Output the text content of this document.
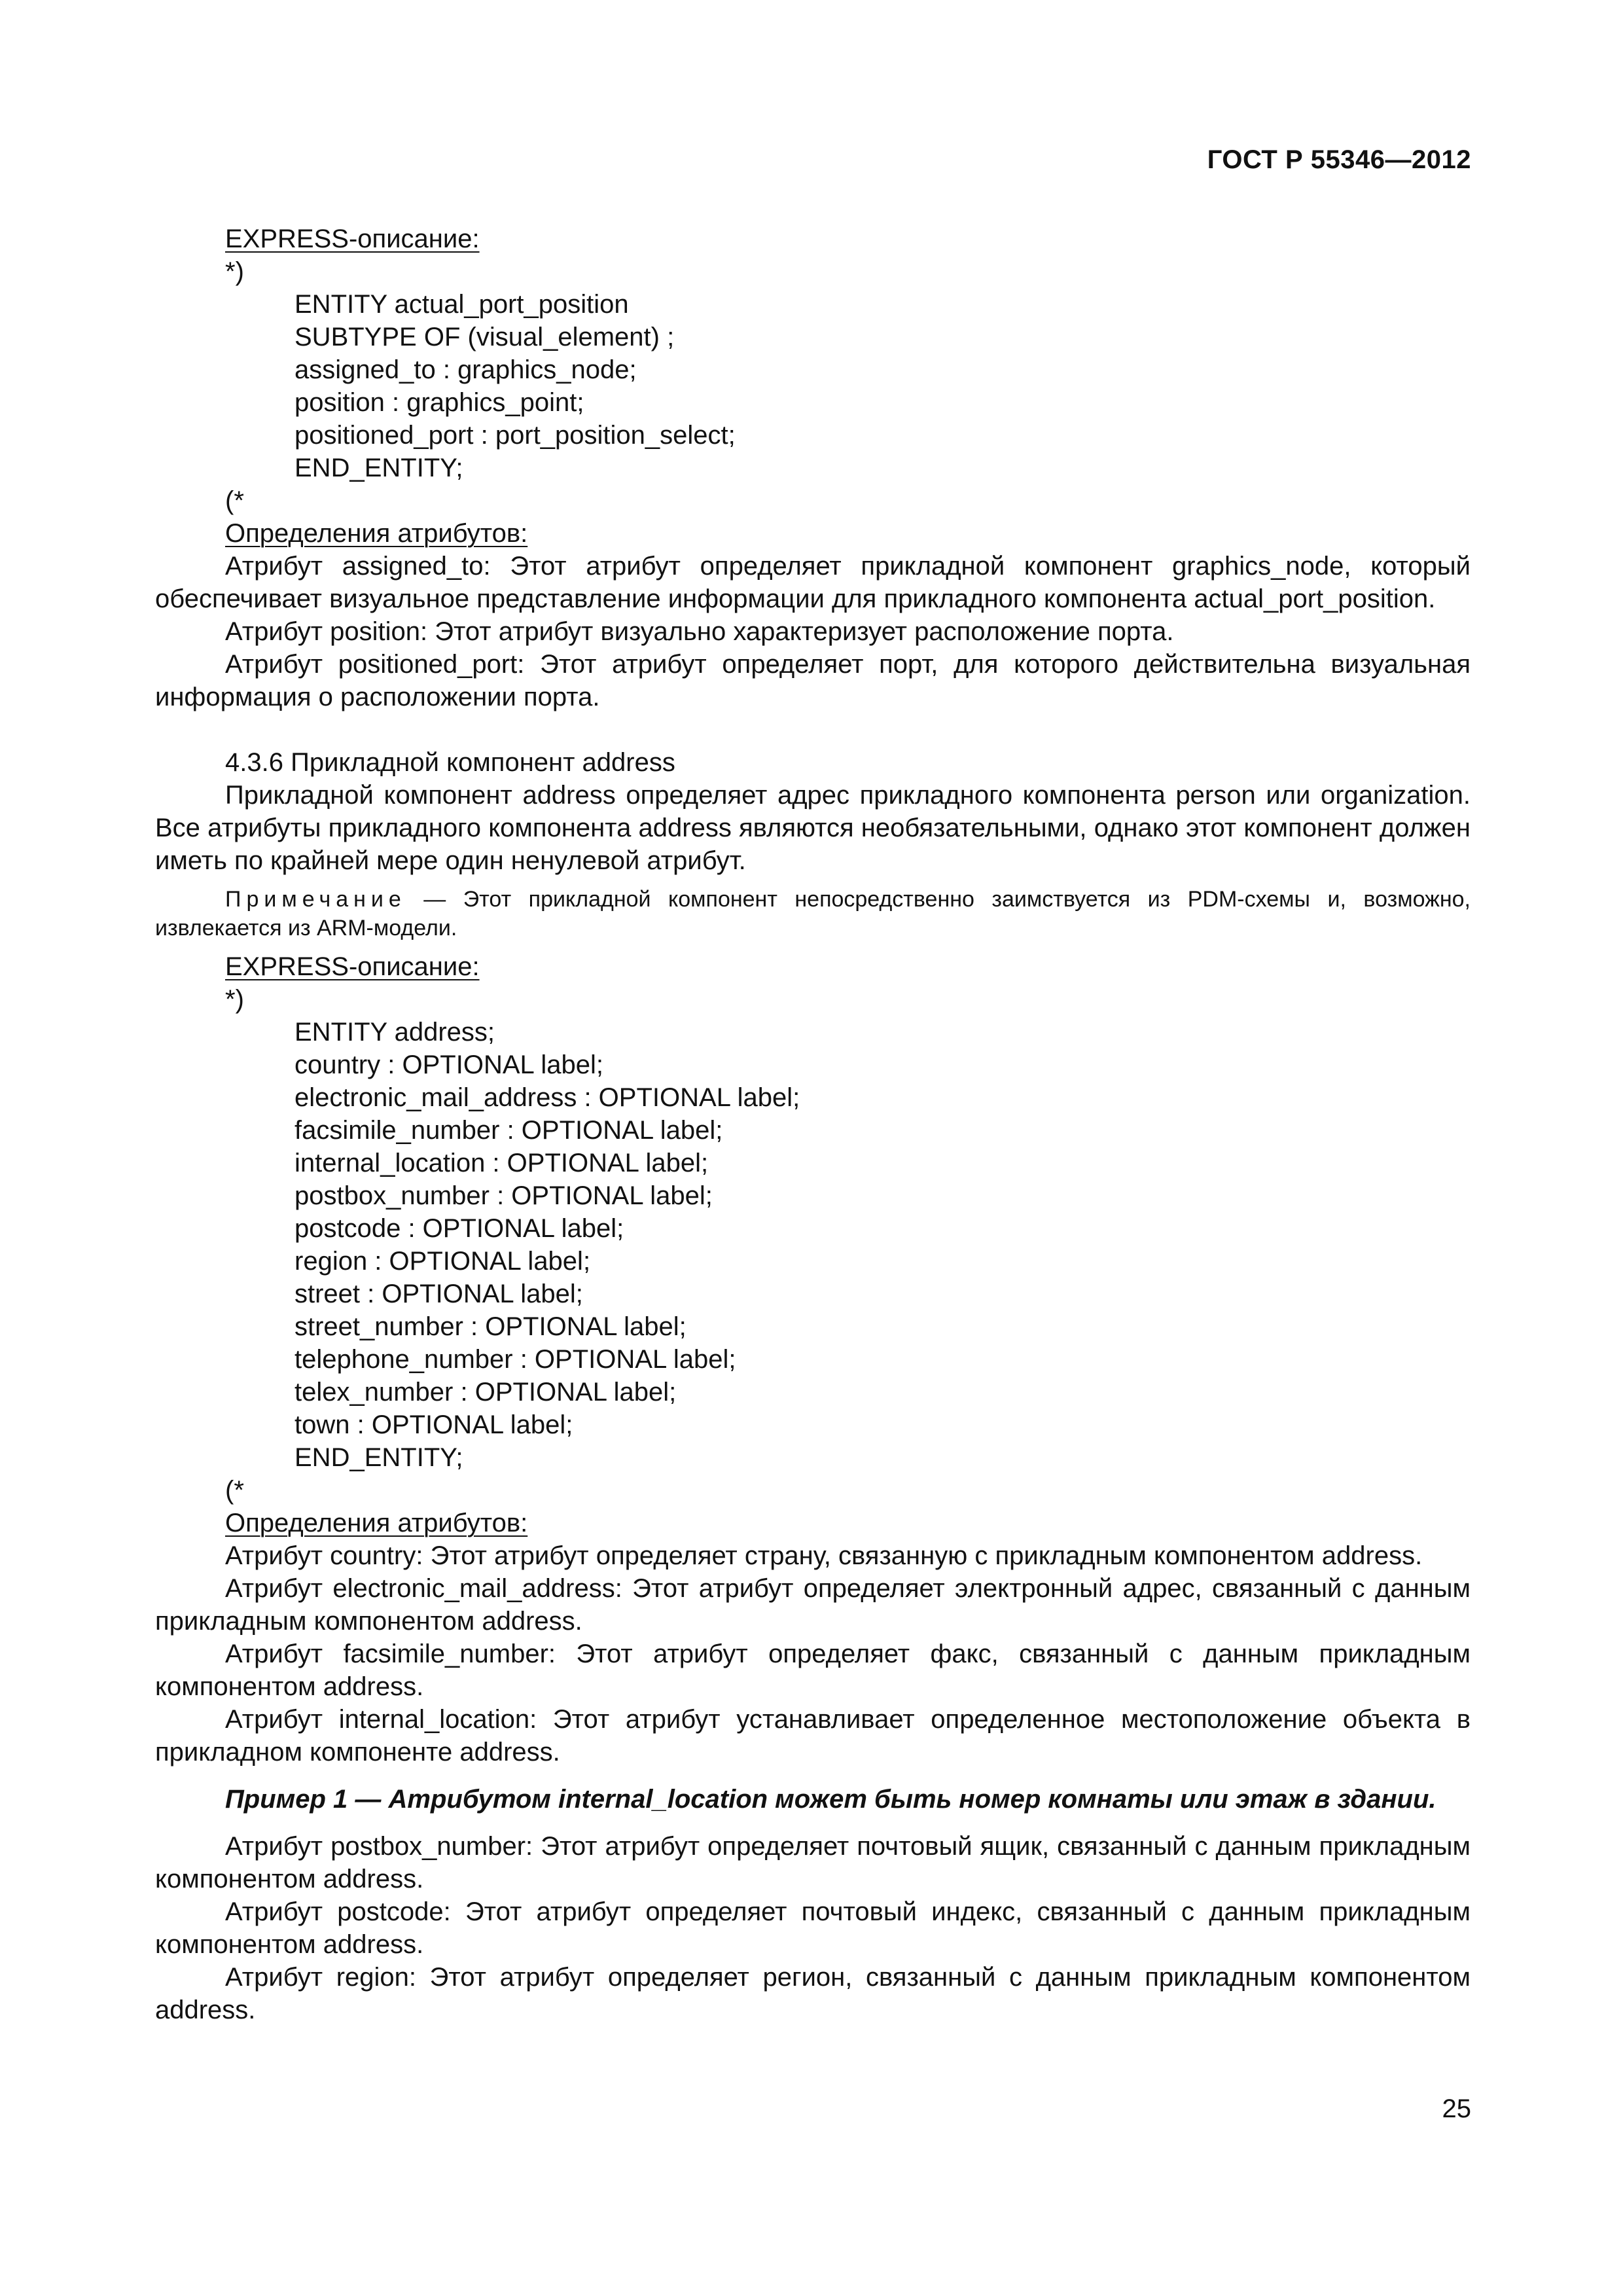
ГОСТ Р 55346—2012
EXPRESS-описание:
*)
ENTITY actual_port_position
SUBTYPE OF (visual_element) ;
assigned_to : graphics_node;
position : graphics_point;
positioned_port : port_position_select;
END_ENTITY;
(*
Определения атрибутов:
Атрибут assigned_to: Этот атрибут определяет прикладной компонент graphics_node, который обеспечивает визуальное представление информации для прикладного компонента actual_port_position.
Атрибут position: Этот атрибут визуально характеризует расположение порта.
Атрибут positioned_port: Этот атрибут определяет порт, для которого действительна визуальная информация о расположении порта.
4.3.6 Прикладной компонент address
Прикладной компонент address определяет адрес прикладного компонента person или organization. Все атрибуты прикладного компонента address являются необязательными, однако этот компонент должен иметь по крайней мере один ненулевой атрибут.
Примечание — Этот прикладной компонент непосредственно заимствуется из PDM-схемы и, возможно, извлекается из ARM-модели.
EXPRESS-описание:
*)
ENTITY address;
country : OPTIONAL label;
electronic_mail_address : OPTIONAL label;
facsimile_number : OPTIONAL label;
internal_location : OPTIONAL label;
postbox_number : OPTIONAL label;
postcode : OPTIONAL label;
region : OPTIONAL label;
street : OPTIONAL label;
street_number : OPTIONAL label;
telephone_number : OPTIONAL label;
telex_number : OPTIONAL label;
town : OPTIONAL label;
END_ENTITY;
(*
Определения атрибутов:
Атрибут country: Этот атрибут определяет страну, связанную с прикладным компонентом address.
Атрибут electronic_mail_address: Этот атрибут определяет электронный адрес, связанный с данным прикладным компонентом address.
Атрибут facsimile_number: Этот атрибут определяет факс, связанный с данным прикладным компонентом address.
Атрибут internal_location: Этот атрибут устанавливает определенное местоположение объекта в прикладном компоненте address.
Пример 1 — Атрибутом internal_location может быть номер комнаты или этаж в здании.
Атрибут postbox_number: Этот атрибут определяет почтовый ящик, связанный с данным прикладным компонентом address.
Атрибут postcode: Этот атрибут определяет почтовый индекс, связанный с данным прикладным компонентом address.
Атрибут region: Этот атрибут определяет регион, связанный с данным прикладным компонентом address.
25
